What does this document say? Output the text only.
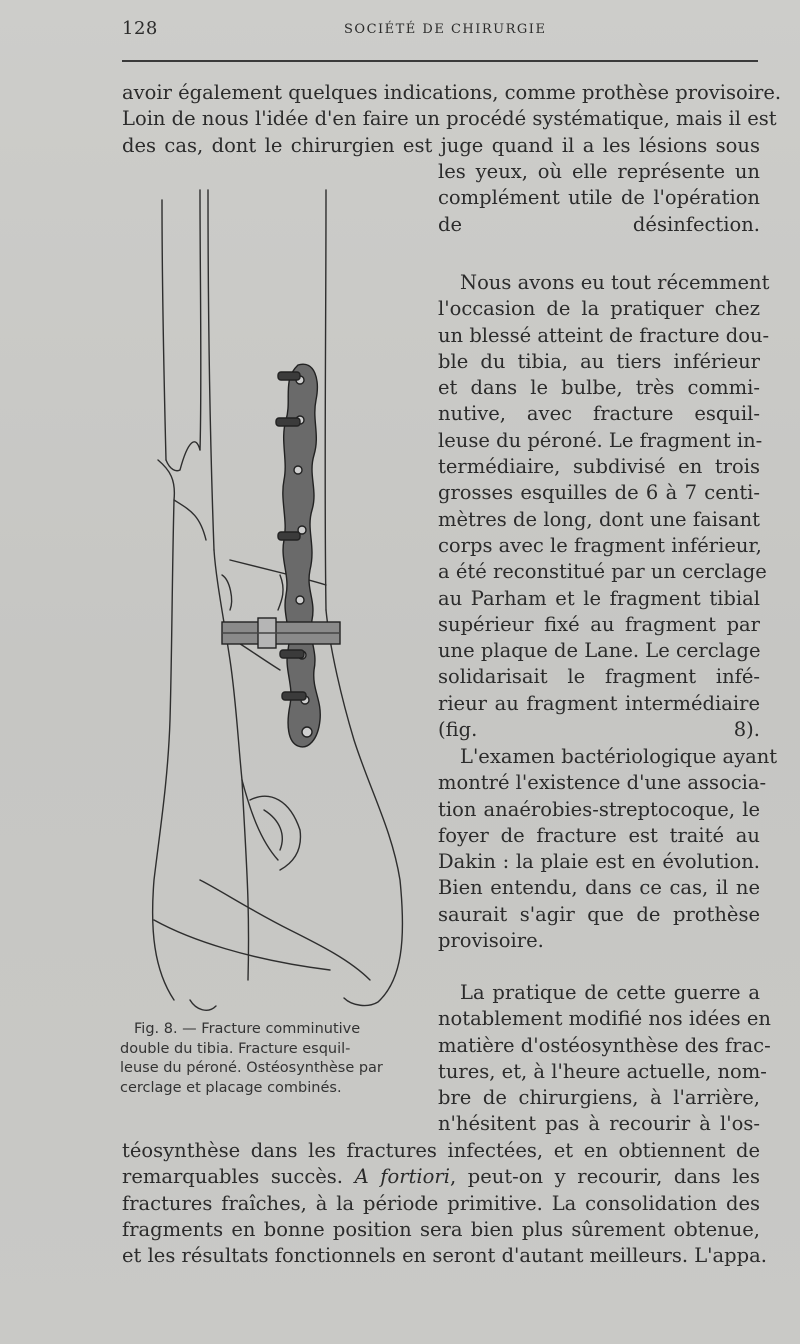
128	SOCIÉTÉ DE CHIRURGIE

avoir également quelques indications, comme prothèse provisoire.
Loin de nous l'idée d'en faire un procédé systématique, mais il est
des cas, dont le chirurgien est juge quand il a les lésions sous

les yeux, où elle représente un
complément utile de l'opération
de désinfection.

Nous avons eu tout récemment
l'occasion de la pratiquer chez
un blessé atteint de fracture dou-
ble du tibia, au tiers inférieur
et dans le bulbe, très commi-
nutive, avec fracture esquil-
leuse du péroné. Le fragment in-
termédiaire, subdivisé en trois
grosses esquilles de 6 à 7 centi-
mètres de long, dont une faisant
corps avec le fragment inférieur,
a été reconstitué par un cerclage
au Parham et le fragment tibial
supérieur fixé au fragment par
une plaque de Lane. Le cerclage
solidarisait le fragment infé-
rieur au fragment intermédiaire
(fig. 8).

L'examen bactériologique ayant
montré l'existence d'une associa-
tion anaérobies-streptocoque, le
foyer de fracture est traité au
Dakin : la plaie est en évolution.
Bien entendu, dans ce cas, il ne
saurait s'agir que de prothèse
provisoire.

La pratique de cette guerre a
notablement modifié nos idées en
matière d'ostéosynthèse des frac-
tures, et, à l'heure actuelle, nom-
bre de chirurgiens, à l'arrière,
n'hésitent pas à recourir à l'os-

téosynthèse dans les fractures infectées, et en obtiennent de
remarquables succès. A fortiori, peut-on y recourir, dans les
fractures fraîches, à la période primitive. La consolidation des
fragments en bonne position sera bien plus sûrement obtenue,
et les résultats fonctionnels en seront d'autant meilleurs. L'appa.

Fig. 8. — Fracture comminutive
double du tibia. Fracture esquil-
leuse du péroné. Ostéosynthèse par
cerclage et placage combinés.
